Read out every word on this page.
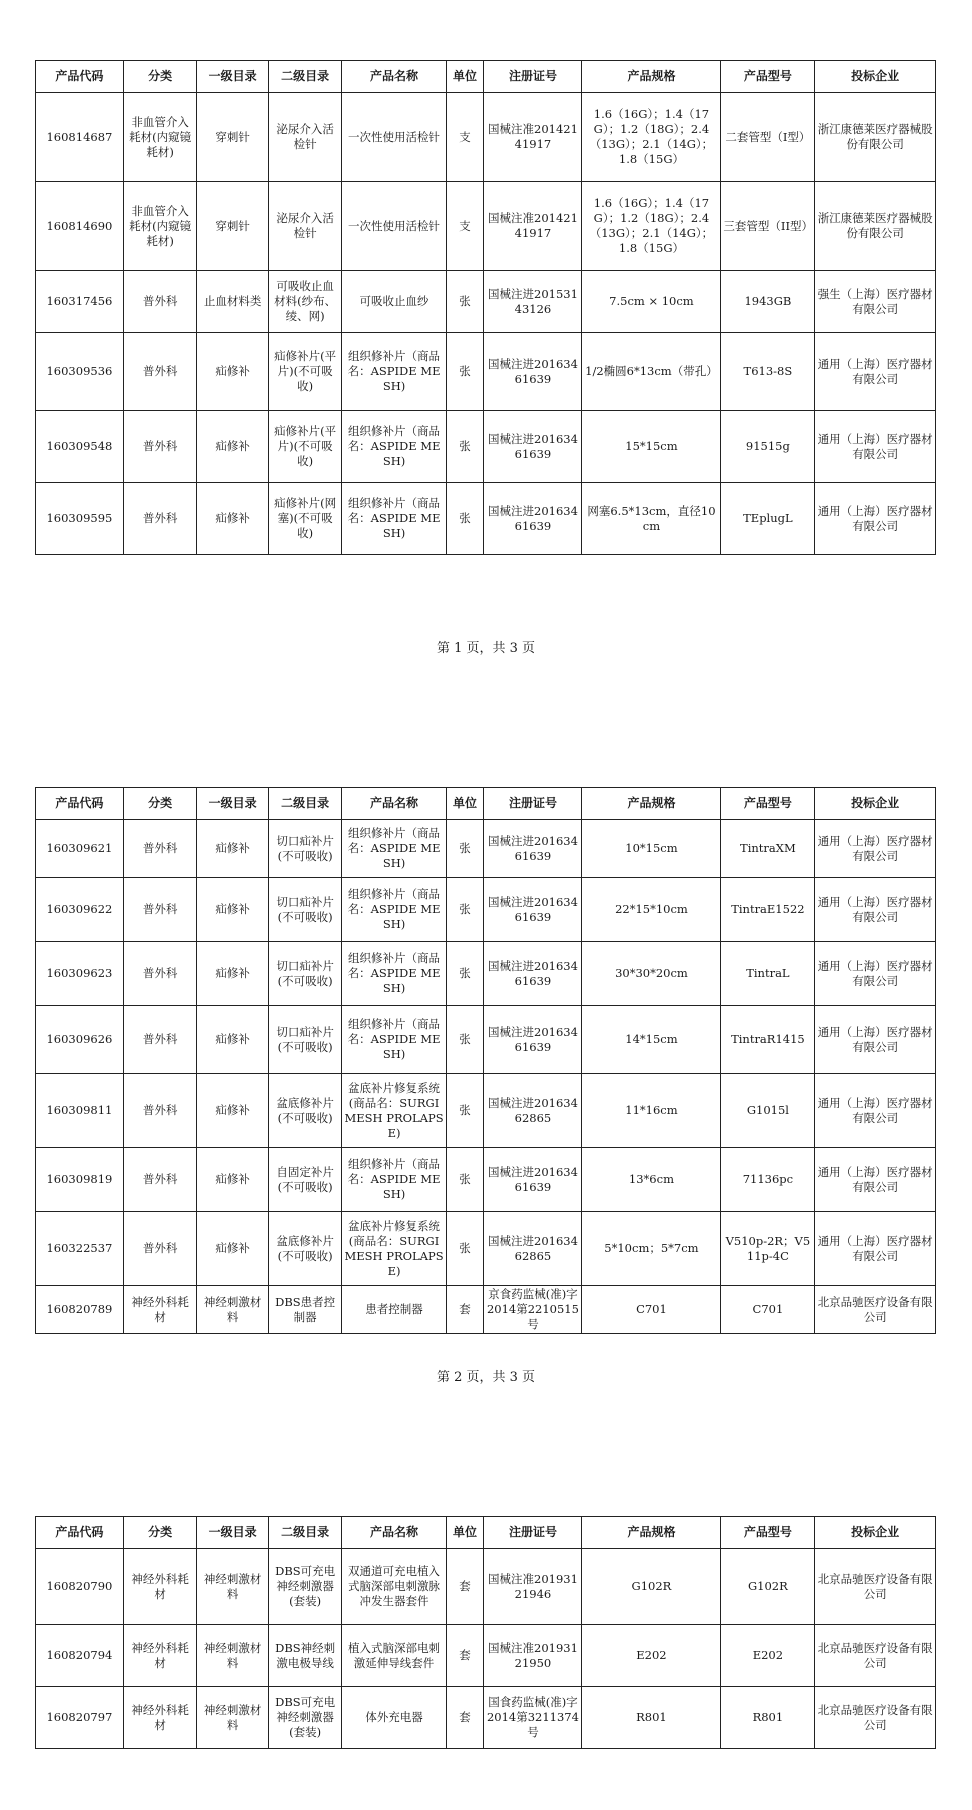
产品代码	分类	一级目录	二级目录	产品名称	单位	注册证号	产品规格	产品型号	投标企业
160814687	非血管介入耗材(内窥镜耗材)	穿刺针	泌尿介入活检针	一次性使用活检针	支	国械注准20142141917	1.6（16G）；1.4（17G）；1.2（18G）；2.4（13G）；2.1（14G）；1.8（15G）	二套管型（I型）	浙江康德莱医疗器械股份有限公司
160814690	非血管介入耗材(内窥镜耗材)	穿刺针	泌尿介入活检针	一次性使用活检针	支	国械注准20142141917	1.6（16G）；1.4（17G）；1.2（18G）；2.4（13G）；2.1（14G）；1.8（15G）	三套管型（II型）	浙江康德莱医疗器械股份有限公司
160317456	普外科	止血材料类	可吸收止血材料(纱布、绫、网)	可吸收止血纱	张	国械注进20153143126	7.5cm × 10cm	1943GB	强生（上海）医疗器材有限公司
160309536	普外科	疝修补	疝修补片(平片)(不可吸收)	组织修补片（商品名：ASPIDE MESH)	张	国械注进20163461639	1/2椭圆6*13cm（带孔）	T613-8S	通用（上海）医疗器材有限公司
160309548	普外科	疝修补	疝修补片(平片)(不可吸收)	组织修补片（商品名：ASPIDE MESH)	张	国械注进20163461639	15*15cm	91515g	通用（上海）医疗器材有限公司
160309595	普外科	疝修补	疝修补片(网塞)(不可吸收)	组织修补片（商品名：ASPIDE MESH)	张	国械注进20163461639	网塞6.5*13cm，直径10cm	TEplugL	通用（上海）医疗器材有限公司
第 1 页，共 3 页
产品代码	分类	一级目录	二级目录	产品名称	单位	注册证号	产品规格	产品型号	投标企业
160309621	普外科	疝修补	切口疝补片(不可吸收)	组织修补片（商品名：ASPIDE MESH)	张	国械注进20163461639	10*15cm	TintraXM	通用（上海）医疗器材有限公司
160309622	普外科	疝修补	切口疝补片(不可吸收)	组织修补片（商品名：ASPIDE MESH)	张	国械注进20163461639	22*15*10cm	TintraE1522	通用（上海）医疗器材有限公司
160309623	普外科	疝修补	切口疝补片(不可吸收)	组织修补片（商品名：ASPIDE MESH)	张	国械注进20163461639	30*30*20cm	TintraL	通用（上海）医疗器材有限公司
160309626	普外科	疝修补	切口疝补片(不可吸收)	组织修补片（商品名：ASPIDE MESH)	张	国械注进20163461639	14*15cm	TintraR1415	通用（上海）医疗器材有限公司
160309811	普外科	疝修补	盆底修补片(不可吸收)	盆底补片修复系统(商品名：SURGIMESH PROLAPSE)	张	国械注进20163462865	11*16cm	G1015l	通用（上海）医疗器材有限公司
160309819	普外科	疝修补	自固定补片(不可吸收)	组织修补片（商品名：ASPIDE MESH)	张	国械注进20163461639	13*6cm	71136pc	通用（上海）医疗器材有限公司
160322537	普外科	疝修补	盆底修补片(不可吸收)	盆底补片修复系统(商品名：SURGIMESH PROLAPSE)	张	国械注进20163462865	5*10cm；5*7cm	V510p-2R；V511p-4C	通用（上海）医疗器材有限公司
160820789	神经外科耗材	神经刺激材料	DBS患者控制器	患者控制器	套	京食药监械(准)字2014第2210515号	C701	C701	北京品驰医疗设备有限公司
第 2 页，共 3 页
产品代码	分类	一级目录	二级目录	产品名称	单位	注册证号	产品规格	产品型号	投标企业
160820790	神经外科耗材	神经刺激材料	DBS可充电神经刺激器(套装)	双通道可充电植入式脑深部电刺激脉冲发生器套件	套	国械注准20193121946	G102R	G102R	北京品驰医疗设备有限公司
160820794	神经外科耗材	神经刺激材料	DBS神经刺激电极导线	植入式脑深部电刺激延伸导线套件	套	国械注准20193121950	E202	E202	北京品驰医疗设备有限公司
160820797	神经外科耗材	神经刺激材料	DBS可充电神经刺激器(套装)	体外充电器	套	国食药监械(准)字2014第3211374号	R801	R801	北京品驰医疗设备有限公司
